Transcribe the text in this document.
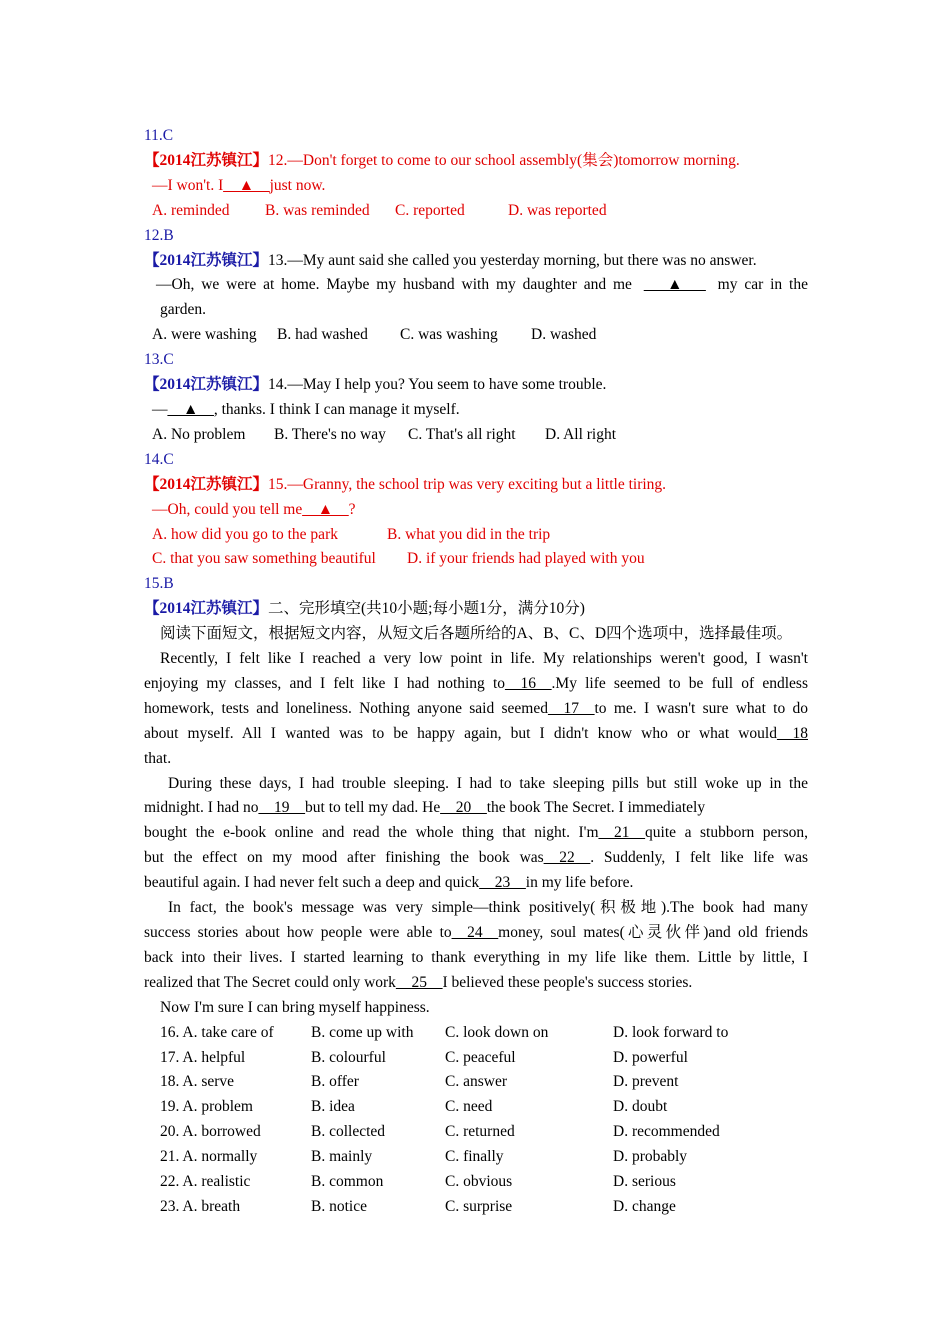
11.C
【2014江苏镇江】12.—Don't forget to come to our school assembly(集会)tomorrow morning.
—I won't. I__▲__just now.
A. reminded B. was reminded C. reported	D. was reported
12.B
【2014江苏镇江】13.—My aunt said she called you yesterday morning, but there was no answer.
—Oh, we were at home. Maybe my husband with my daughter and me ___▲___ my car in the
garden.
A. were washing B. had washed C. was washing D. washed
13.C
【2014江苏镇江】14.—May I help you? You seem to have some trouble.
—__▲__, thanks. I think I can manage it myself.
A. No problem B. There's no way C. That's all right D. All right
14.C
【2014江苏镇江】15.—Granny, the school trip was very exciting but a little tiring.
—Oh, could you tell me__▲__?
A. how did you go to the park	B. what you did in the trip
C. that you saw something beautiful D. if your friends had played with you
15.B
【2014江苏镇江】二、完形填空(共10小题;每小题1分，满分10分)
阅读下面短文，根据短文内容，从短文后各题所给的A、B、C、D四个选项中，选择最佳项。
Recently, I felt like I reached a very low point in life. My relationships weren't good, I wasn't
enjoying my classes, and I felt like I had nothing to__16__.My life seemed to be full of endless
homework, tests and loneliness. Nothing anyone said seemed__17__to me. I wasn't sure what to do
about myself. All I wanted was to be happy again, but I didn't know who or what would__18
that.
During these days, I had trouble sleeping. I had to take sleeping pills but still woke up in the
midnight. I had no__19__but to tell my dad. He__20__the book The Secret. I immediately
bought the e-book online and read the whole thing that night. I'm__21__quite a stubborn person,
but the effect on my mood after finishing the book was__22__. Suddenly, I felt like life was
beautiful again. I had never felt such a deep and quick__23__in my life before.
In fact, the book's message was very simple—think positively(积极地).The book had many
success stories about how people were able to__24__money, soul mates(心灵伙伴)and old friends
back into their lives. I started learning to thank everything in my life like them. Little by little, I
realized that The Secret could only work__25__I believed these people's success stories.
Now I'm sure I can bring myself happiness.
16. A. take care of	B. come up with	C. look down on	D. look forward to
17. A. helpful	B. colourful	C. peaceful	D. powerful
18. A. serve	B. offer	C. answer	D. prevent
19. A. problem	B. idea	C. need	D. doubt
20. A. borrowed	B. collected	C. returned	D. recommended
21. A. normally	B. mainly	C. finally	D. probably
22. A. realistic	B. common	C. obvious	D. serious
23. A. breath	B. notice	C. surprise	D. change
